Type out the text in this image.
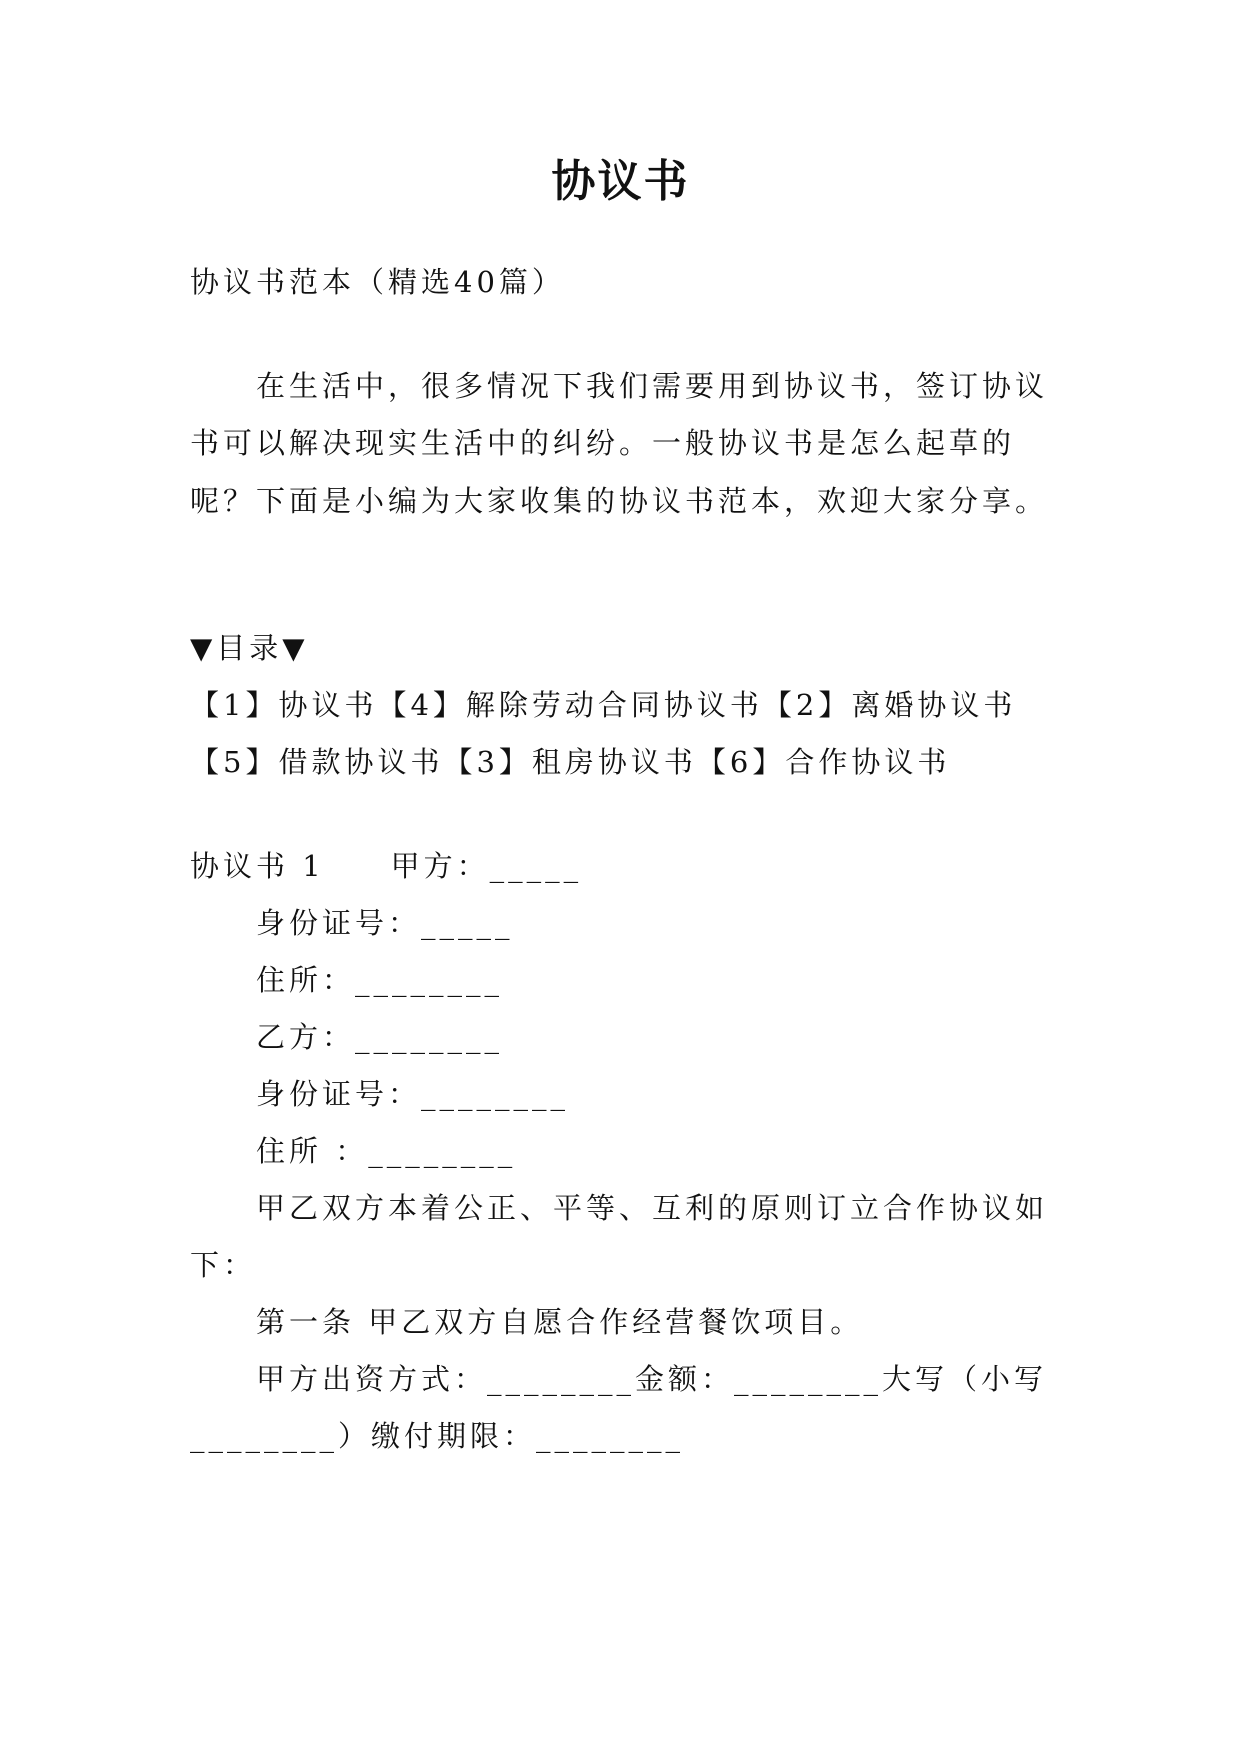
协议书
协议书范本（精选40篇）
在生活中，很多情况下我们需要用到协议书，签订协议
书可以解决现实生活中的纠纷。一般协议书是怎么起草的
呢？下面是小编为大家收集的协议书范本，欢迎大家分享。
▼目录▼
【1】协议书【4】解除劳动合同协议书【2】离婚协议书
【5】借款协议书【3】租房协议书【6】合作协议书
协议书 1　　甲方：_____
身份证号：_____
住所：________
乙方：________
身份证号：________
住所 ：________
甲乙双方本着公正、平等、互利的原则订立合作协议如
下：
第一条 甲乙双方自愿合作经营餐饮项目。
甲方出资方式：________金额：________大写（小写
________）缴付期限：________
